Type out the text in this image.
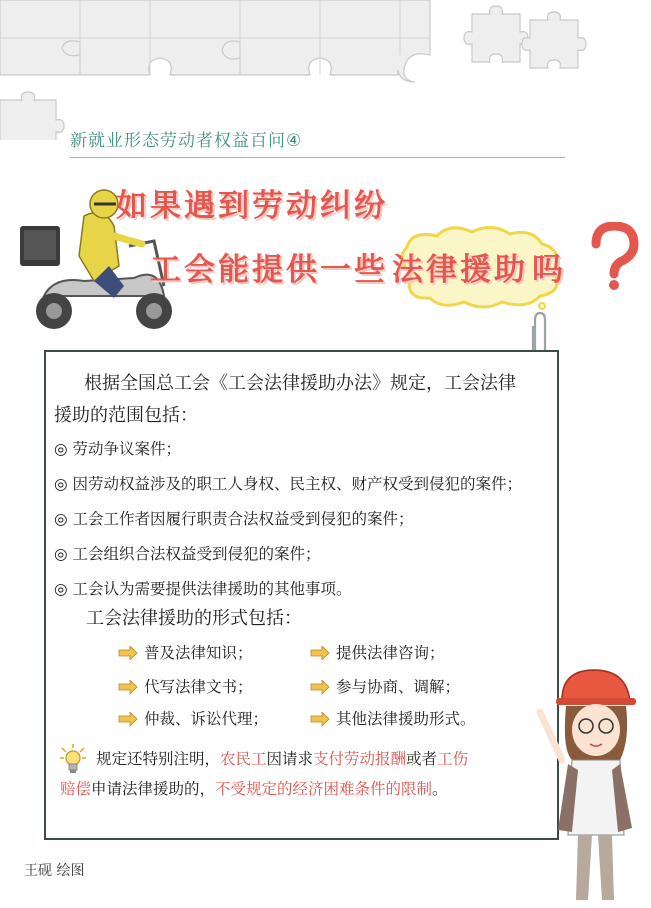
新就业形态劳动者权益百问④
如果遇到劳动纠纷
工会能提供一些 法律援助 吗
根据全国总工会《工会法律援助办法》规定，工会法律
援助的范围包括：
◎ 劳动争议案件；
◎ 因劳动权益涉及的职工人身权、民主权、财产权受到侵犯的案件；
◎ 工会工作者因履行职责合法权益受到侵犯的案件；
◎ 工会组织合法权益受到侵犯的案件；
◎ 工会认为需要提供法律援助的其他事项。
工会法律援助的形式包括：
普及法律知识；	提供法律咨询；
代写法律文书；	参与协商、调解；
仲裁、诉讼代理；	其他法律援助形式。

规定还特别注明，农民工因请求支付劳动报酬或者工伤

赔偿申请法律援助的，不受规定的经济困难条件的限制。

王砚 绘图
